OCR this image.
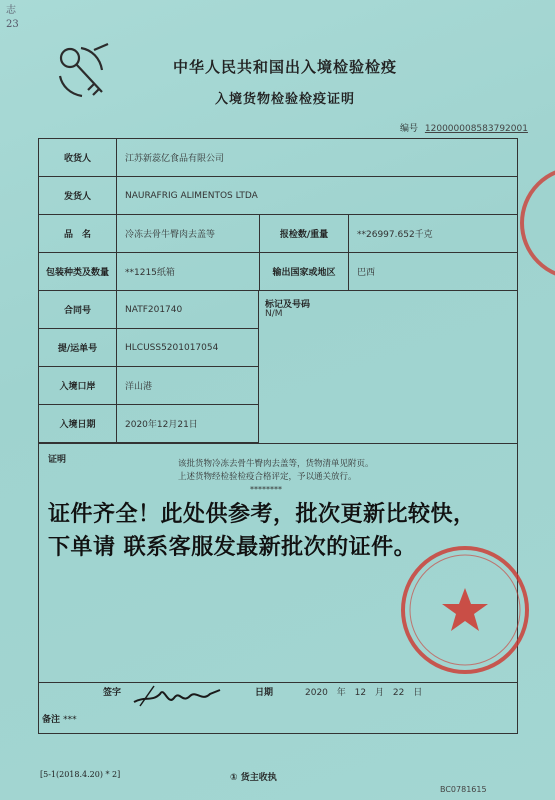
志
23
中华人民共和国出入境检验检疫
入境货物检验检疫证明
编号 120000008583792001
收货人	江苏新蕊亿食品有限公司
发货人	NAURAFRIG ALIMENTOS LTDA
品　名	冷冻去骨牛臀肉去盖等	报检数/重量	**26997.652千克
包装种类及数量	**1215纸箱	输出国家或地区	巴西
合同号	NATF201740
提/运单号	HLCUSS5201017054
入境口岸	洋山港
入境日期	2020年12月21日
标记及号码
N/M
证明	该批货物冷冻去骨牛臀肉去盖等，货物清单见附页。
上述货物经检验检疫合格评定，予以通关放行。
********
证件齐全！此处供参考，批次更新比较快，
下单请 联系客服发最新批次的证件。
签字	日期	2020 年 12 月 22 日
备注 ***
[5-1(2018.4.20) * 2]	① 货主收执
BC0781615
